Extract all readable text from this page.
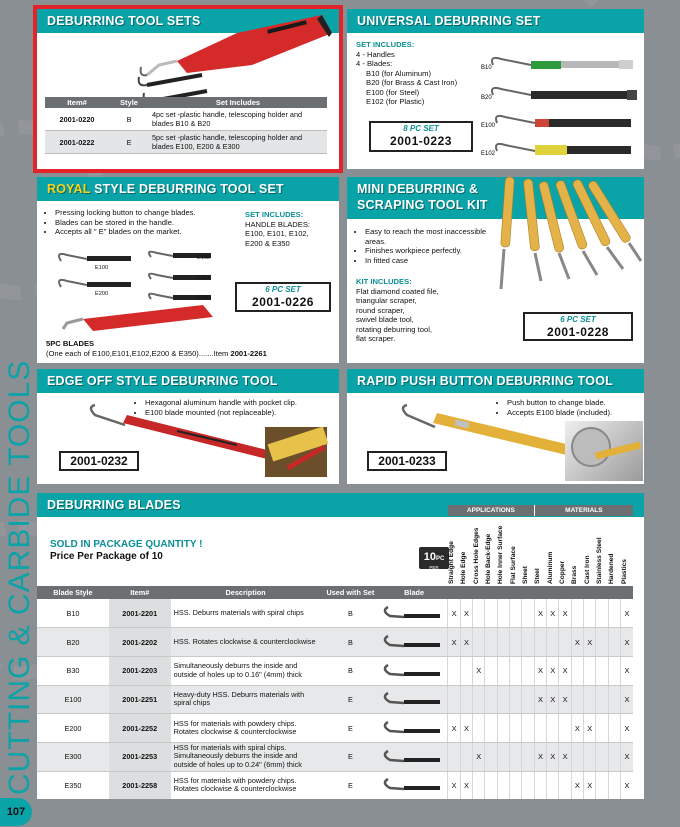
CUTTING & CARBIDE TOOLS
107
DEBURRING TOOL SETS
Item#	Style	Set Includes
2001-0220	B	4pc set -plastic handle, telescoping holder and blades B10 & B20
2001-0222	E	5pc set -plastic handle, telescoping holder and blades E100, E200 & E300
UNIVERSAL DEBURRING SET
SET INCLUDES:
4 - Handles
4 - Blades:
B10 (for Aluminum)
B20 (for Brass & Cast Iron)
E100 (for Steel)
E102 (for Plastic)
8 PC SET
2001-0223
B10
B20
E100
E102
ROYAL STYLE DEBURRING TOOL SET
• Pressing locking button to change blades.
• Blades can be stored in the handle.
• Accepts all " E" blades on the market.
SET INCLUDES:
HANDLE BLADES:
E100, E101, E102,
E200 & E350
6 PC SET
2001-0226
E100
E102
E101
E200
E350
5PC BLADES
(One each of E100,E101,E102,E200 & E350).......Item 2001-2261
MINI DEBURRING &
SCRAPING TOOL KIT
• Easy to reach the most inaccessible areas.
• Finishes workpiece perfectly.
• In fitted case
KIT INCLUDES:
Flat diamond coated file,
triangular scraper,
round scraper,
swivel blade tool,
rotating deburring tool,
flat scraper.
6 PC SET
2001-0228
EDGE OFF STYLE DEBURRING TOOL
• Hexagonal aluminum handle with pocket clip.
• E100 blade mounted (not replaceable).
2001-0232
RAPID PUSH BUTTON DEBURRING TOOL
• Push button to change blade.
• Accepts E100 blade (included).
2001-0233
DEBURRING BLADES
SOLD IN PACKAGE QUANTITY !
Price Per Package of 10	10PC
PER PACKAGE
					APPLICATIONS							MATERIALS							

					Straight Edge	Hole Edge	Cross Hole Edges	Hole Back-Edge	Hole Inner Surface	Flat Surface	Sheet	Steel	Aluminum	Copper	Brass	Cast Iron	Stainless Steel	Hardened	Plastics

Blade Style	Item#	Description	Used with Set	Blade															
B10	2001-2201	HSS. Deburrs materials with spiral chips	B		X	X						X	X	X					X
B20	2001-2202	HSS. Rotates clockwise & counterclockwise	B		X	X									X	X			X
B30	2001-2203	Simultaneously deburrs the inside and outside of holes up to 0.16" (4mm) thick	B				X					X	X	X					X
E100	2001-2251	Heavy-duty HSS. Deburrs materials with spiral chips	E									X	X	X					X
E200	2001-2252	HSS for materials with powdery chips. Rotates clockwise & counterclockwise	E		X	X									X	X			X
E300	2001-2253	HSS for materials with spiral chips. Simultaneously deburrs the inside and outside of holes up to 0.24" (6mm) thick	E				X					X	X	X					X
E350	2001-2258	HSS for materials with powdery chips. Rotates clockwise & counterclockwise	E		X	X									X	X			X
